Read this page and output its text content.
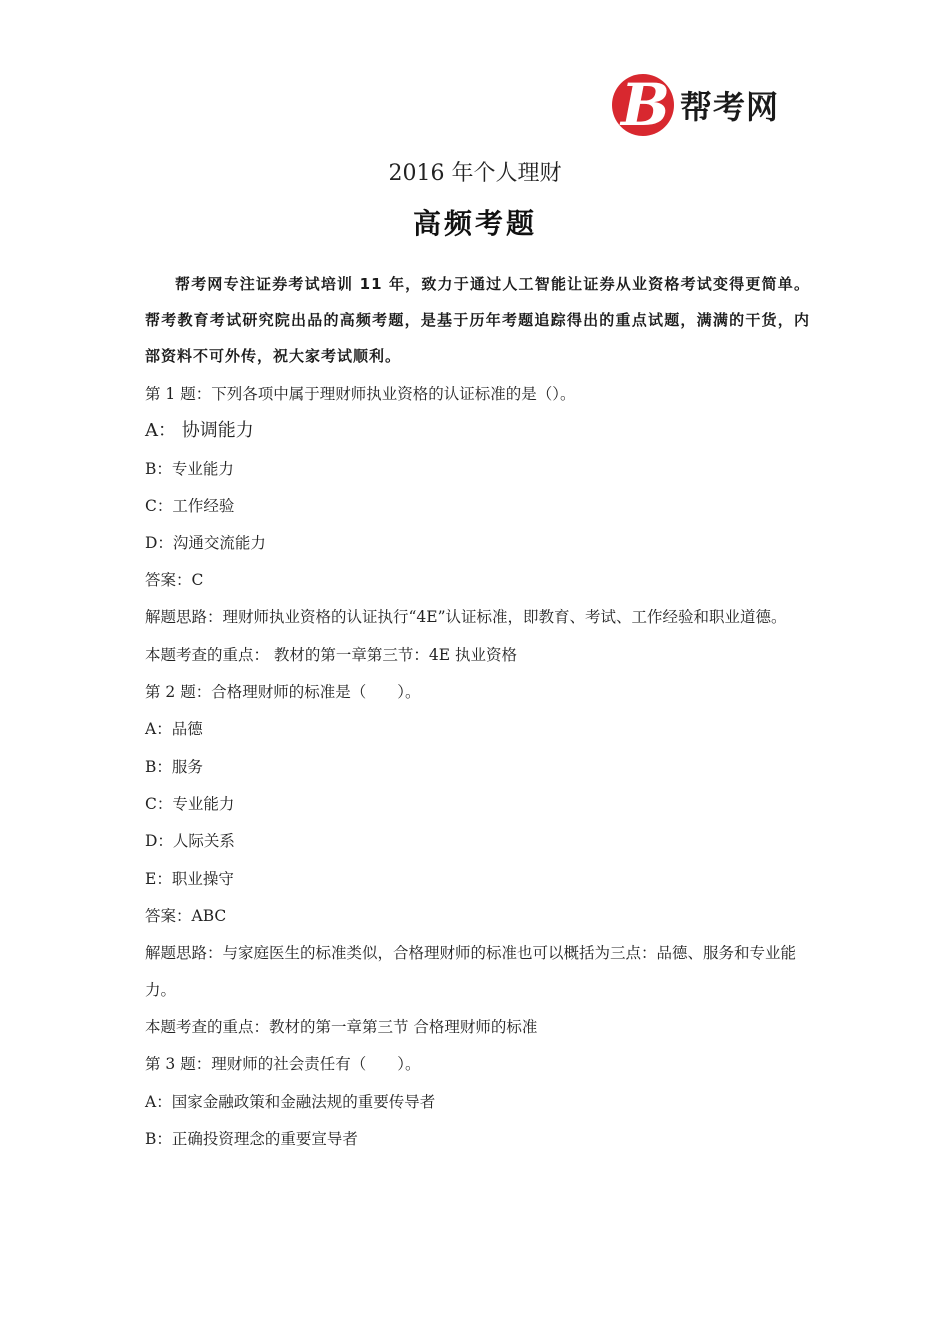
B 帮考网
2016 年个人理财
高频考题
帮考网专注证券考试培训 11 年，致力于通过人工智能让证券从业资格考试变得更简单。帮考教育考试研究院出品的高频考题，是基于历年考题追踪得出的重点试题，满满的干货，内部资料不可外传，祝大家考试顺利。
第 1 题：下列各项中属于理财师执业资格的认证标准的是（）。
A： 协调能力
B：专业能力
C：工作经验
D：沟通交流能力
答案：C
解题思路：理财师执业资格的认证执行“4E”认证标准，即教育、考试、工作经验和职业道德。
本题考查的重点： 教材的第一章第三节：4E 执业资格
第 2 题：合格理财师的标准是（　　）。
A：品德
B：服务
C：专业能力
D：人际关系
E：职业操守
答案：ABC
解题思路：与家庭医生的标准类似，合格理财师的标准也可以概括为三点：品德、服务和专业能力。
本题考查的重点：教材的第一章第三节 合格理财师的标准
第 3 题：理财师的社会责任有（　　）。
A：国家金融政策和金融法规的重要传导者
B：正确投资理念的重要宣导者
